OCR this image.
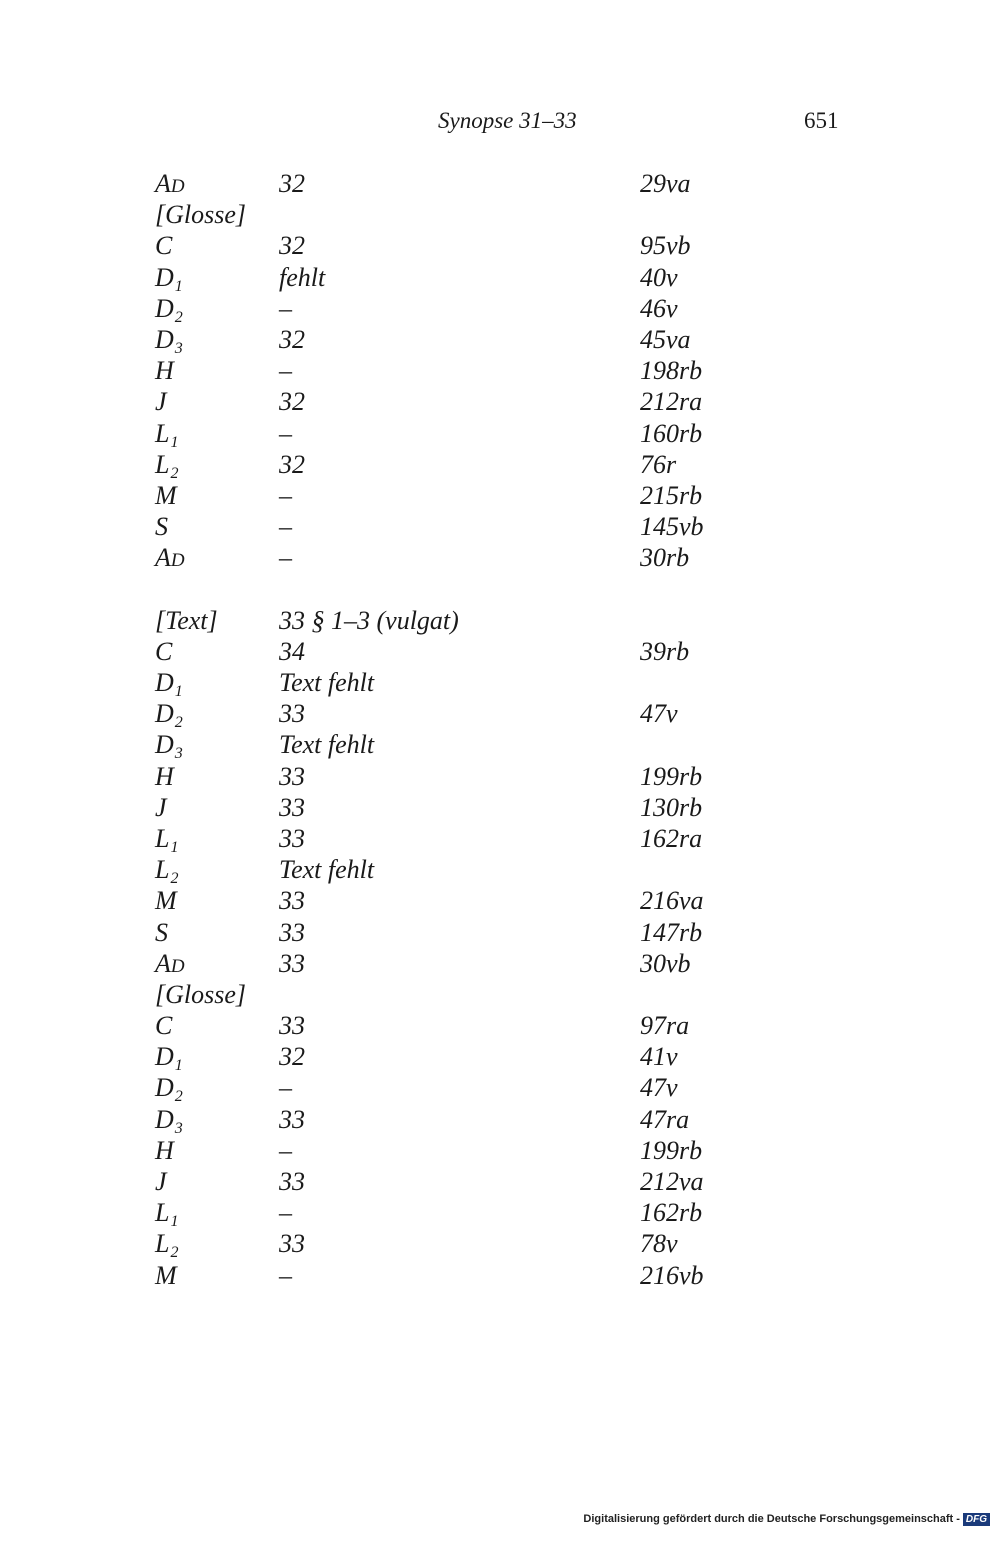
Synopse 31–33	651
AD	32	29va
[Glosse]
C	32	95vb
D1	fehlt	40v
D2	–	46v
D3	32	45va
H	–	198rb
J	32	212ra
L1	–	160rb
L2	32	76r
M	–	215rb
S	–	145vb
AD	–	30rb
[Text] 33 § 1–3 (vulgat)
C	34	39rb
D1	Text fehlt
D2	33	47v
D3	Text fehlt
H	33	199rb
J	33	130rb
L1	33	162ra
L2	Text fehlt
M	33	216va
S	33	147rb
AD	33	30vb
[Glosse]
C	33	97ra
D1	32	41v
D2	–	47v
D3	33	47ra
H	–	199rb
J	33	212va
L1	–	162rb
L2	33	78v
M	–	216vb
Digitalisierung gefördert durch die Deutsche Forschungsgemeinschaft - DFG
